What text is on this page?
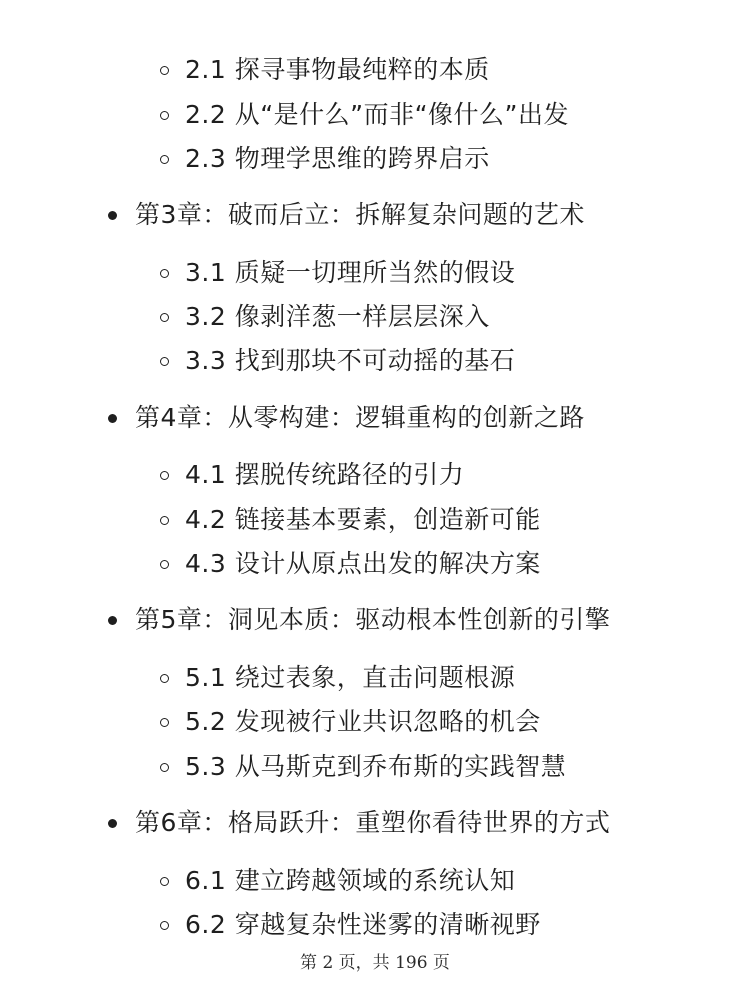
2.1 探寻事物最纯粹的本质
2.2 从“是什么”而非“像什么”出发
2.3 物理学思维的跨界启示
第3章：破而后立：拆解复杂问题的艺术
3.1 质疑一切理所当然的假设
3.2 像剥洋葱一样层层深入
3.3 找到那块不可动摇的基石
第4章：从零构建：逻辑重构的创新之路
4.1 摆脱传统路径的引力
4.2 链接基本要素，创造新可能
4.3 设计从原点出发的解决方案
第5章：洞见本质：驱动根本性创新的引擎
5.1 绕过表象，直击问题根源
5.2 发现被行业共识忽略的机会
5.3 从马斯克到乔布斯的实践智慧
第6章：格局跃升：重塑你看待世界的方式
6.1 建立跨越领域的系统认知
6.2 穿越复杂性迷雾的清晰视野
第 2 页，共 196 页
